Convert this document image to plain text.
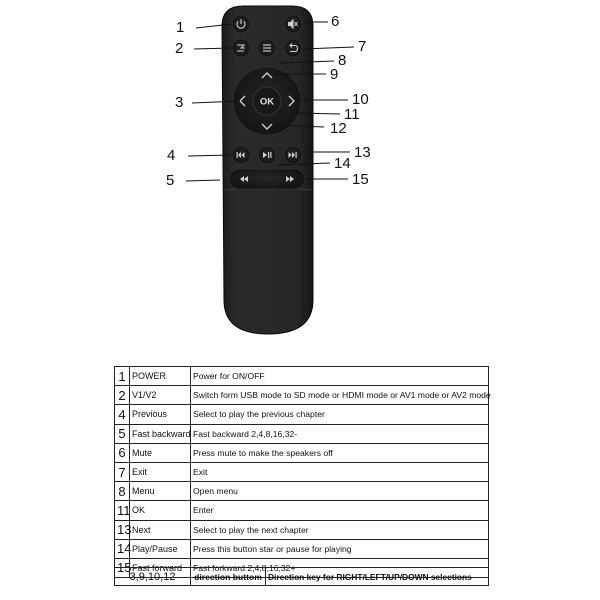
OK
1
2
3
4
5
6
7
8
9
10
11
12
13
14
15
1	POWER	Power for ON/OFF
2	V1/V2	Switch form USB mode to SD mode or HDMI mode or AV1 mode or AV2 mode
4	Previous	Select to play the previous chapter
5	Fast backward	Fast backward 2,4,8,16,32-
6	Mute	Press mute to make the speakers off
7	Exit	Exit
8	Menu	Open menu
11	OK	Enter
13	Next	Select to play the next chapter
14	Play/Pause	Press this button star or pause for playing
15	Fast forward	Fast forkward 2,4,8,16,32+
3,9,10,12	direction buttom	Direction key for RIGHT/LEFT/UP/DOWN selections
